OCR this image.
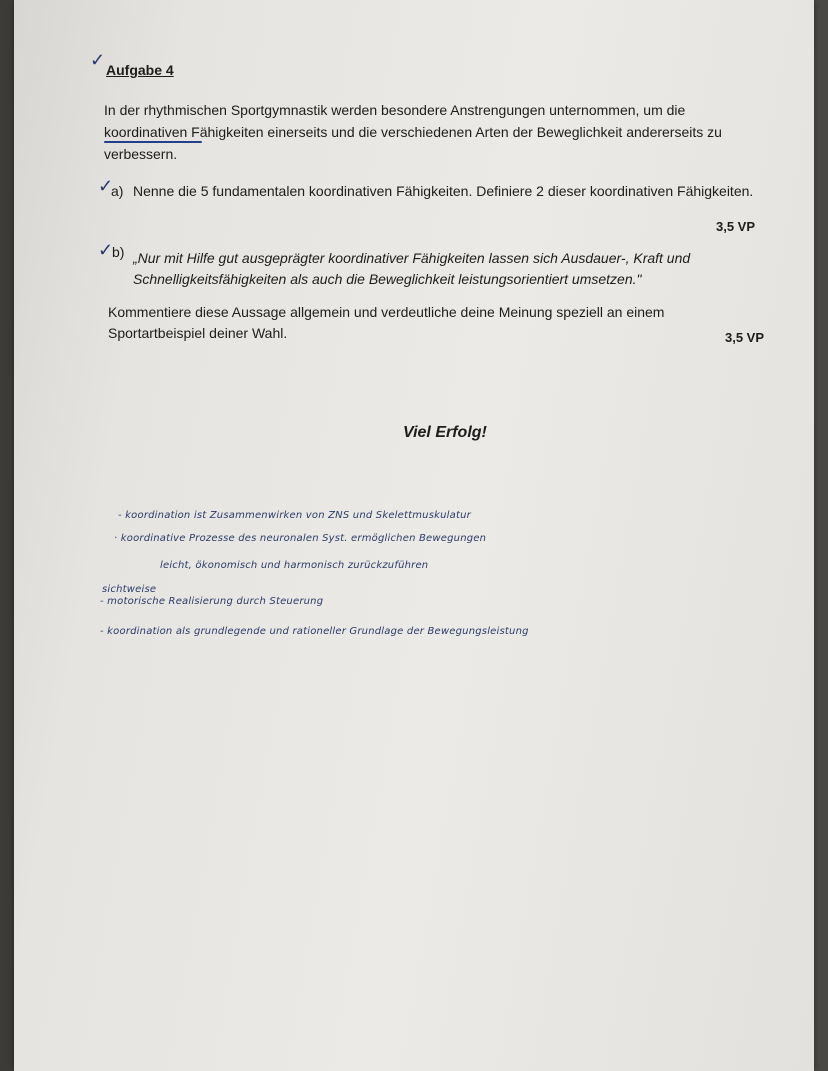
✓ Aufgabe 4
In der rhythmischen Sportgymnastik werden besondere Anstrengungen unternommen, um die
koordinativen Fähigkeiten einerseits und die verschiedenen Arten der Beweglichkeit andererseits zu
verbessern.
✓
a) Nenne die 5 fundamentalen koordinativen Fähigkeiten. Definiere 2 dieser koordinativen Fähigkeiten.
3,5 VP
✓
b) „Nur mit Hilfe gut ausgeprägter koordinativer Fähigkeiten lassen sich Ausdauer-, Kraft und
Schnelligkeitsfähigkeiten als auch die Beweglichkeit leistungsorientiert umsetzen."
Kommentiere diese Aussage allgemein und verdeutliche deine Meinung speziell an einem
Sportartbeispiel deiner Wahl.	3,5 VP
Viel Erfolg!
- koordination ist Zusammenwirken von ZNS und Skelettmuskulatur
· koordinative Prozesse des neuronalen Syst. ermöglichen Bewegungen
leicht, ökonomisch und harmonisch zurückzuführen
sichtweise
- motorische Realisierung durch Steuerung
- koordination als grundlegende und rationeller Grundlage der Bewegungsleistung
